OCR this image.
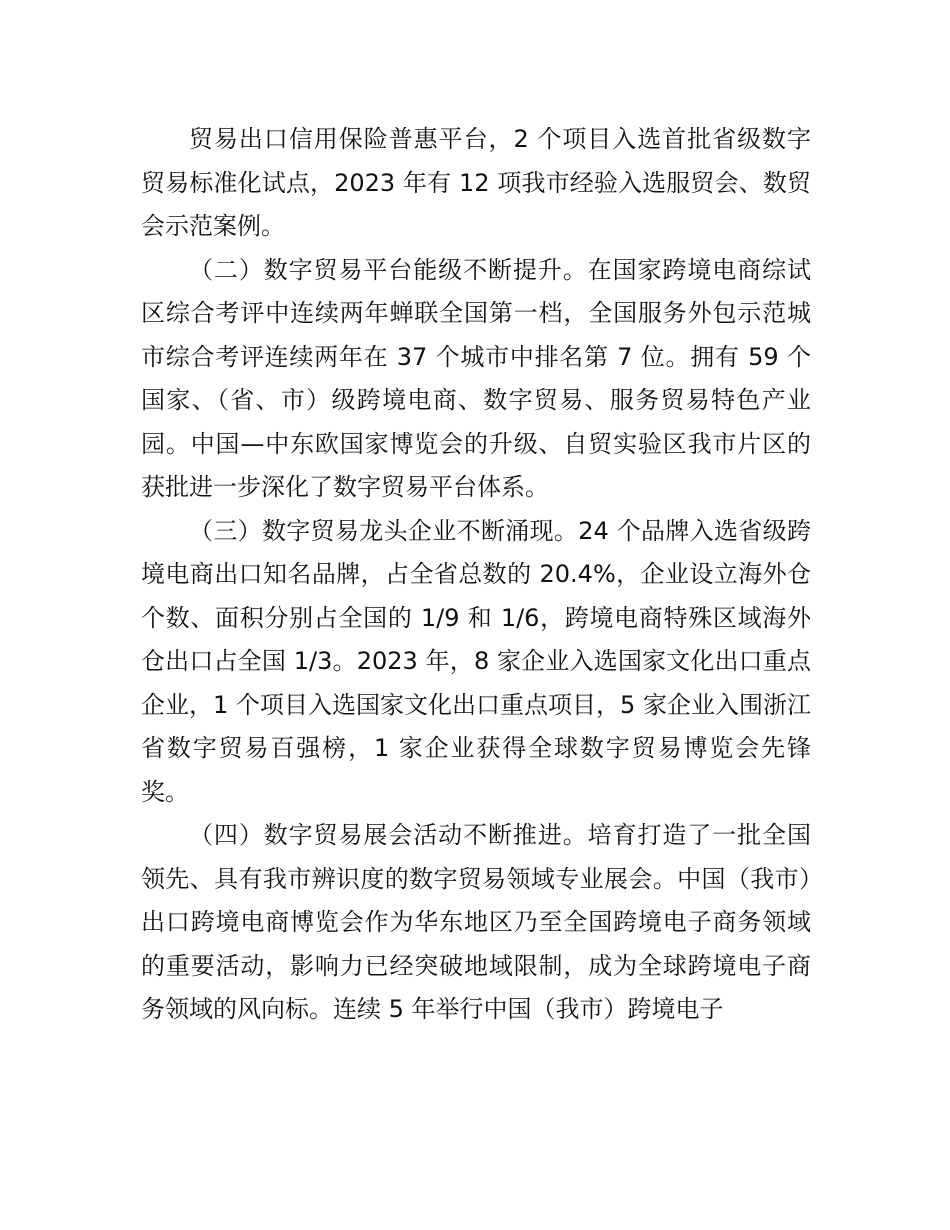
贸易出口信用保险普惠平台，2 个项目入选首批省级数字贸易标准化试点，2023 年有 12 项我市经验入选服贸会、数贸会示范案例。

（二）数字贸易平台能级不断提升。在国家跨境电商综试区综合考评中连续两年蝉联全国第一档，全国服务外包示范城市综合考评连续两年在 37 个城市中排名第 7 位。拥有 59 个国家、（省、市）级跨境电商、数字贸易、服务贸易特色产业园。中国—中东欧国家博览会的升级、自贸实验区我市片区的获批进一步深化了数字贸易平台体系。

（三）数字贸易龙头企业不断涌现。24 个品牌入选省级跨境电商出口知名品牌，占全省总数的 20.4%，企业设立海外仓个数、面积分别占全国的 1/9 和 1/6，跨境电商特殊区域海外仓出口占全国 1/3。2023 年，8 家企业入选国家文化出口重点企业，1 个项目入选国家文化出口重点项目，5 家企业入围浙江省数字贸易百强榜，1 家企业获得全球数字贸易博览会先锋奖。

（四）数字贸易展会活动不断推进。培育打造了一批全国领先、具有我市辨识度的数字贸易领域专业展会。中国（我市）出口跨境电商博览会作为华东地区乃至全国跨境电子商务领域的重要活动，影响力已经突破地域限制，成为全球跨境电子商务领域的风向标。连续 5 年举行中国（我市）跨境电子
